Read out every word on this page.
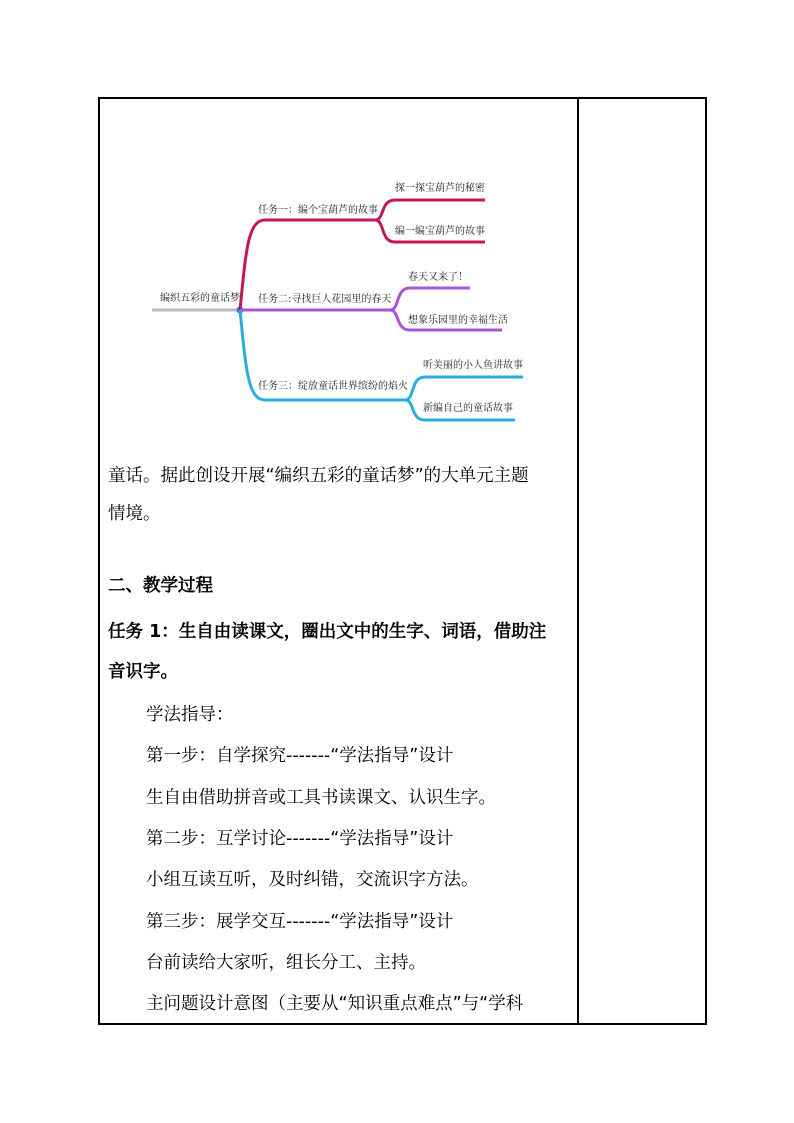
编织五彩的童话梦
任务一：编个宝葫芦的故事
探一探宝葫芦的秘密
编一编宝葫芦的故事
任务二:寻找巨人花园里的春天
春天又来了！
想象乐园里的幸福生活
任务三：绽放童话世界缤纷的焰火
听美丽的小人鱼讲故事
新编自己的童话故事
童话。据此创设开展“编织五彩的童话梦”的大单元主题
情境。
二、教学过程
任务 1：生自由读课文，圈出文中的生字、词语，借助注
音识字。
学法指导：
第一步：自学探究-------“学法指导”设计
生自由借助拼音或工具书读课文、认识生字。
第二步：互学讨论-------“学法指导”设计
小组互读互听，及时纠错，交流识字方法。
第三步：展学交互-------“学法指导”设计
台前读给大家听，组长分工、主持。
主问题设计意图（主要从“知识重点难点”与“学科
